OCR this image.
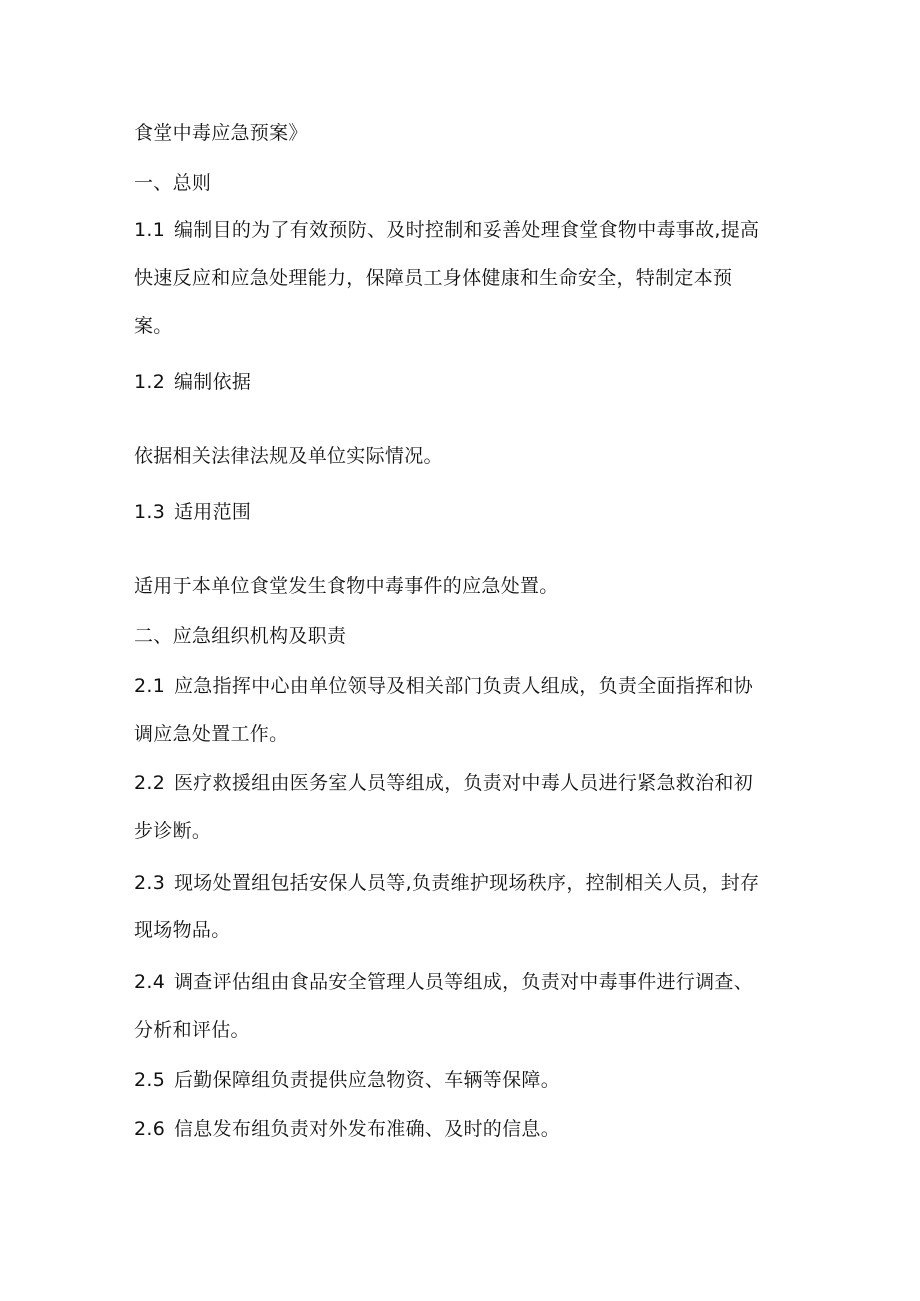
食堂中毒应急预案》
一、总则
1.1 编制目的为了有效预防、及时控制和妥善处理食堂食物中毒事故,提高
快速反应和应急处理能力，保障员工身体健康和生命安全，特制定本预
案。
1.2 编制依据
依据相关法律法规及单位实际情况。
1.3 适用范围
适用于本单位食堂发生食物中毒事件的应急处置。
二、应急组织机构及职责
2.1 应急指挥中心由单位领导及相关部门负责人组成，负责全面指挥和协
调应急处置工作。
2.2 医疗救援组由医务室人员等组成，负责对中毒人员进行紧急救治和初
步诊断。
2.3 现场处置组包括安保人员等,负责维护现场秩序，控制相关人员，封存
现场物品。
2.4 调查评估组由食品安全管理人员等组成，负责对中毒事件进行调查、
分析和评估。
2.5 后勤保障组负责提供应急物资、车辆等保障。
2.6 信息发布组负责对外发布准确、及时的信息。
